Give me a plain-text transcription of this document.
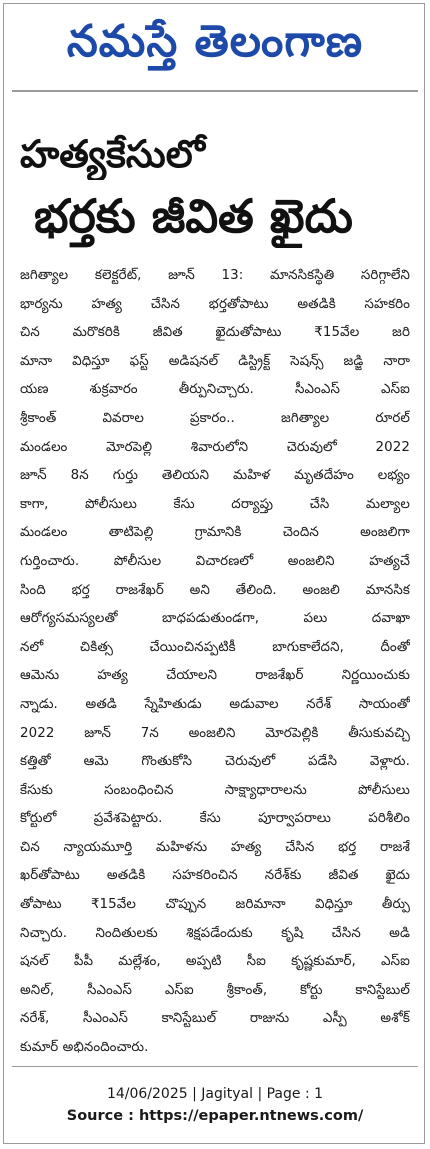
నమస్తే తెలంగాణ
హత్యకేసులో
భర్తకు జీవిత ఖైదు
జగిత్యాల కలెక్టరేట్, జూన్ 13: మానసికస్థితి సరిగ్గాలేని
భార్యను హత్య చేసిన భర్తతోపాటు అతడికి సహకరిం
చిన మరొకరికి జీవిత ఖైదుతోపాటు ₹15వేల జరి
మానా విధిస్తూ ఫస్ట్ అడిషనల్ డిస్ట్రిక్ట్ సెషన్స్ జడ్జి నారా
యణ శుక్రవారం తీర్పునిచ్చారు. సీఎంఎస్ ఎస్ఐ
శ్రీకాంత్ వివరాల ప్రకారం.. జగిత్యాల రూరల్
మండలం మోరపెల్లి శివారులోని చెరువులో 2022
జూన్ 8న గుర్తు తెలియని మహిళ మృతదేహం లభ్యం
కాగా, పోలీసులు కేసు దర్యాప్తు చేసి మల్యాల
మండలం తాటిపెల్లి గ్రామానికి చెందిన అంజలిగా
గుర్తించారు. పోలీసుల విచారణలో అంజలిని హత్యచే
సింది భర్త రాజశేఖర్ అని తేలింది. అంజలి మానసిక
ఆరోగ్యసమస్యలతో బాధపడుతుండగా, పలు దవాఖా
నలో చికిత్స చేయించినప్పటికీ బాగుకాలేదని, దీంతో
ఆమెను హత్య చేయాలని రాజశేఖర్ నిర్ణయించుకు
న్నాడు. అతడి స్నేహితుడు అడువాల నరేశ్ సాయంతో
2022 జూన్ 7న అంజలిని మోరపెల్లికి తీసుకువచ్చి
కత్తితో ఆమె గొంతుకోసి చెరువులో పడేసి వెళ్లారు.
కేసుకు సంబంధించిన సాక్ష్యాధారాలను పోలీసులు
కోర్టులో ప్రవేశపెట్టారు. కేసు పూర్వాపరాలు పరిశీలిం
చిన న్యాయమూర్తి మహిళను హత్య చేసిన భర్త రాజశే
ఖర్‌తోపాటు అతడికి సహకరించిన నరేశ్‌కు జీవిత ఖైదు
తోపాటు ₹15వేల చొప్పున జరిమానా విధిస్తూ తీర్పు
నిచ్చారు. నిందితులకు శిక్షపడేందుకు కృషి చేసిన అడి
షనల్ పీపీ మల్లేశం, అప్పటి సీఐ కృష్ణకుమార్, ఎస్ఐ
అనిల్, సీఎంఎస్ ఎస్ఐ శ్రీకాంత్, కోర్టు కానిస్టేబుల్
నరేశ్, సీఎంఎస్ కానిస్టేబుల్ రాజును ఎస్పీ అశోక్
కుమార్ అభినందించారు.
14/06/2025 | Jagityal | Page : 1
Source : https://epaper.ntnews.com/
